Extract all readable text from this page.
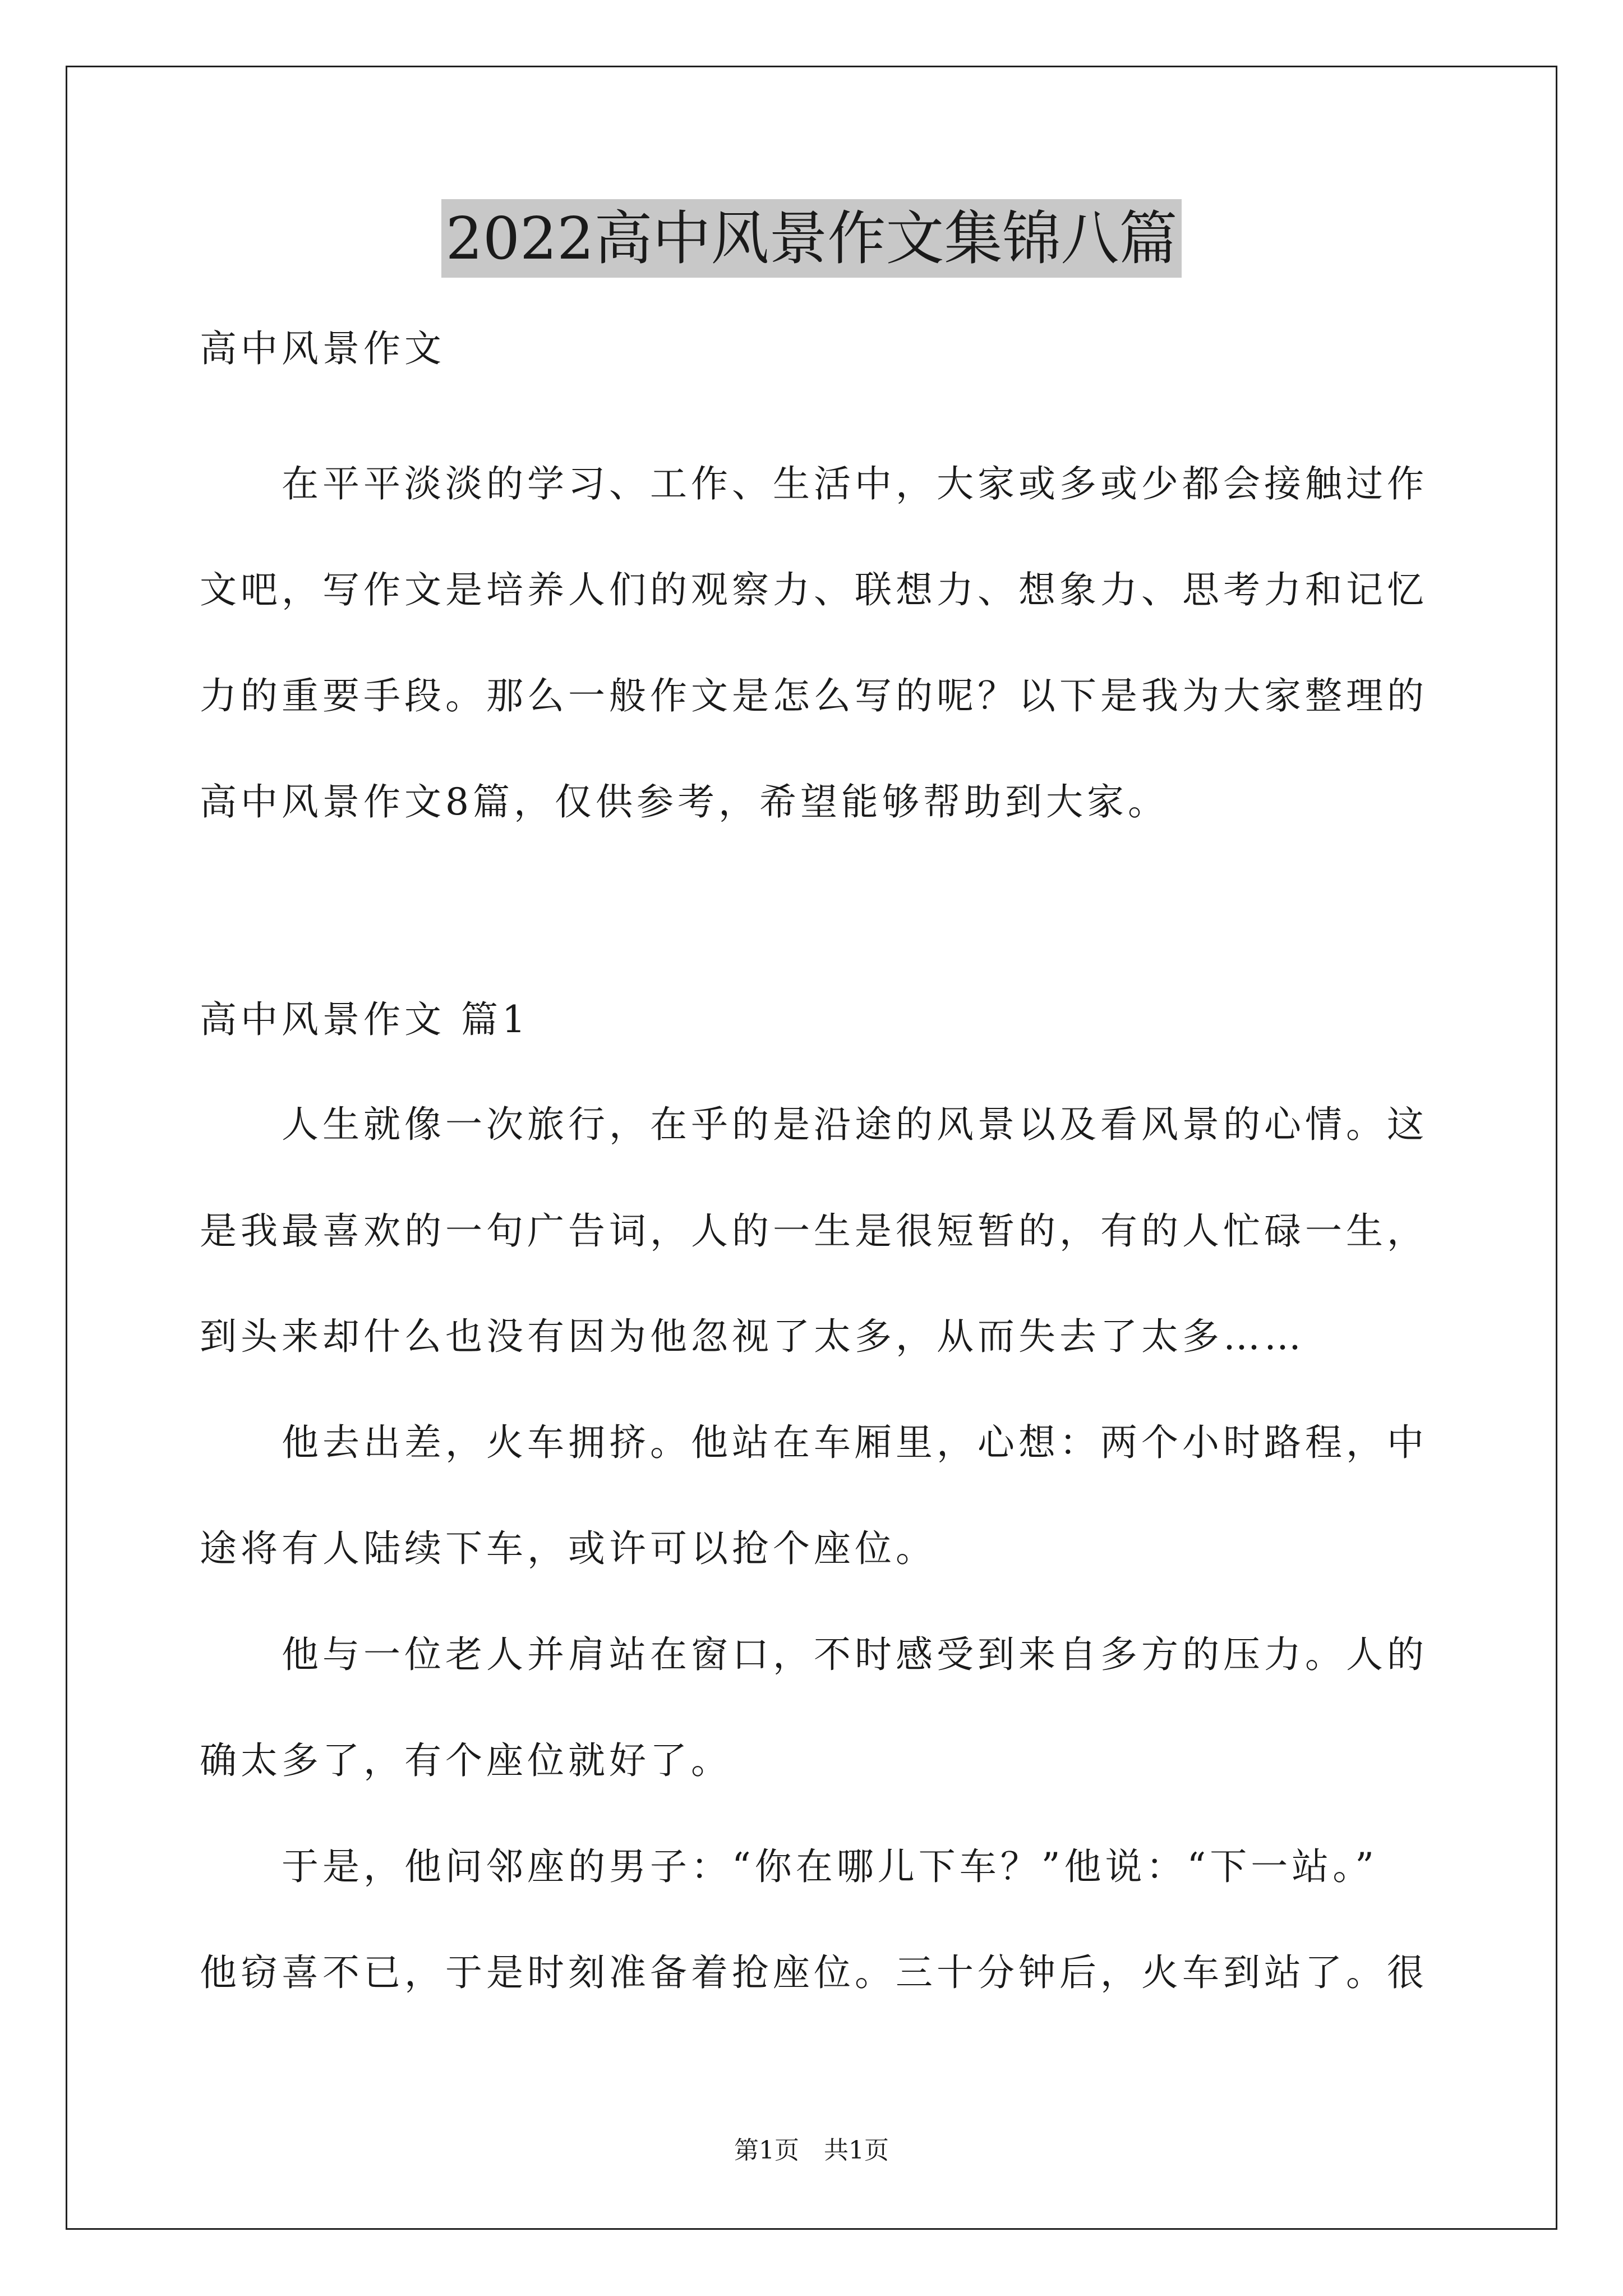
2022高中风景作文集锦八篇
高中风景作文
　　在平平淡淡的学习、工作、生活中，大家或多或少都会接触过作
文吧，写作文是培养人们的观察力、联想力、想象力、思考力和记忆
力的重要手段。那么一般作文是怎么写的呢？以下是我为大家整理的
高中风景作文8篇，仅供参考，希望能够帮助到大家。
高中风景作文 篇1
　　人生就像一次旅行，在乎的是沿途的风景以及看风景的心情。这
是我最喜欢的一句广告词，人的一生是很短暂的，有的人忙碌一生，
到头来却什么也没有因为他忽视了太多，从而失去了太多……
　　他去出差，火车拥挤。他站在车厢里，心想：两个小时路程，中
途将有人陆续下车，或许可以抢个座位。
　　他与一位老人并肩站在窗口，不时感受到来自多方的压力。人的
确太多了，有个座位就好了。
　　于是，他问邻座的男子：“你在哪儿下车？”他说：“下一站。”
他窃喜不已，于是时刻准备着抢座位。三十分钟后，火车到站了。很
第1页　共1页
